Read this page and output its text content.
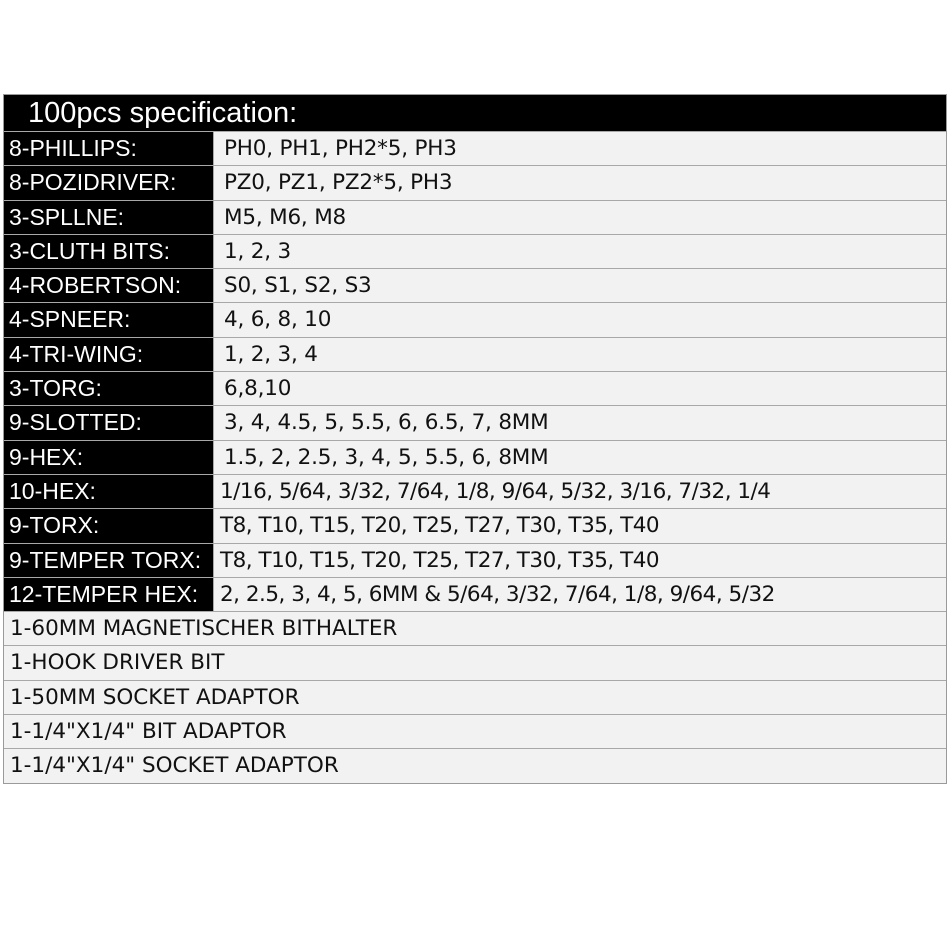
100pcs specification:
8-PHILLIPS:	PH0, PH1, PH2*5, PH3
8-POZIDRIVER:	PZ0, PZ1, PZ2*5, PH3
3-SPLLNE:	M5, M6, M8
3-CLUTH BITS:	1, 2, 3
4-ROBERTSON:	S0, S1, S2, S3
4-SPNEER:	4, 6, 8, 10
4-TRI-WING:	1, 2, 3, 4
3-TORG:	6,8,10
9-SLOTTED:	3, 4, 4.5, 5, 5.5, 6, 6.5, 7, 8MM
9-HEX:	1.5, 2, 2.5, 3, 4, 5, 5.5, 6, 8MM
10-HEX:	1/16, 5/64, 3/32, 7/64, 1/8, 9/64, 5/32, 3/16, 7/32, 1/4
9-TORX:	T8, T10, T15, T20, T25, T27, T30, T35, T40
9-TEMPER TORX: T8, T10, T15, T20, T25, T27, T30, T35, T40
12-TEMPER HEX:	2, 2.5, 3, 4, 5, 6MM & 5/64, 3/32, 7/64, 1/8, 9/64, 5/32
1-60MM MAGNETISCHER BITHALTER
1-HOOK DRIVER BIT
1-50MM SOCKET ADAPTOR
1-1/4"X1/4" BIT ADAPTOR
1-1/4"X1/4" SOCKET ADAPTOR
